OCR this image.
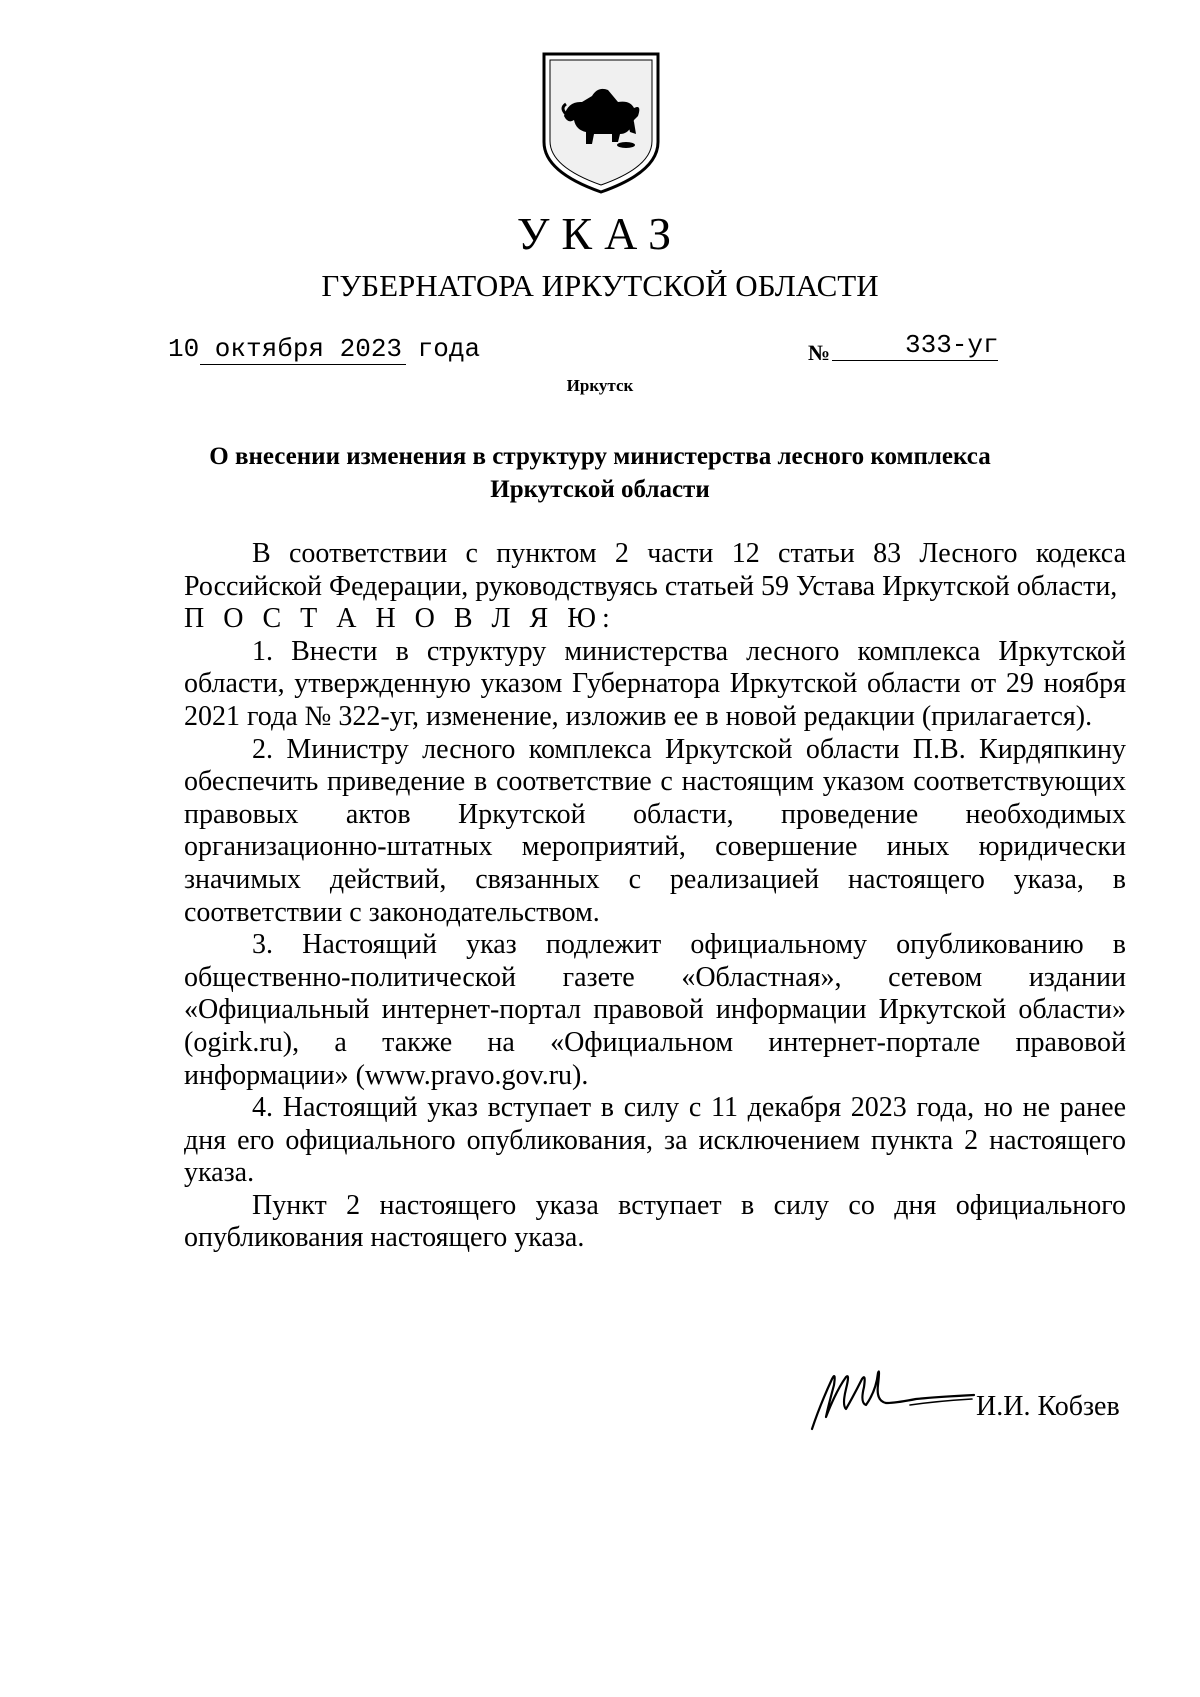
УКАЗ
ГУБЕРНАТОРА ИРКУТСКОЙ ОБЛАСТИ
10 октября 2023 года	№	333-уг
Иркутск
О внесении изменения в структуру министерства лесного комплекса
Иркутской области

В соответствии с пунктом 2 части 12 статьи 83 Лесного кодекса Российской Федерации, руководствуясь статьей 59 Устава Иркутской области,

П О С Т А Н О В Л Я Ю:

1. Внести в структуру министерства лесного комплекса Иркутской области, утвержденную указом Губернатора Иркутской области от 29 ноября 2021 года № 322-уг, изменение, изложив ее в новой редакции (прилагается).

2. Министру лесного комплекса Иркутской области П.В. Кирдяпкину обеспечить приведение в соответствие с настоящим указом соответствующих правовых актов Иркутской области, проведение необходимых организационно-штатных мероприятий, совершение иных юридически значимых действий, связанных с реализацией настоящего указа, в соответствии с законодательством.

3. Настоящий указ подлежит официальному опубликованию в общественно-политической газете «Областная», сетевом издании «Официальный интернет-портал правовой информации Иркутской области» (ogirk.ru), а также на «Официальном интернет-портале правовой информации» (www.pravo.gov.ru).

4. Настоящий указ вступает в силу с 11 декабря 2023 года, но не ранее дня его официального опубликования, за исключением пункта 2 настоящего указа.

Пункт 2 настоящего указа вступает в силу со дня официального опубликования настоящего указа.

И.И. Кобзев
